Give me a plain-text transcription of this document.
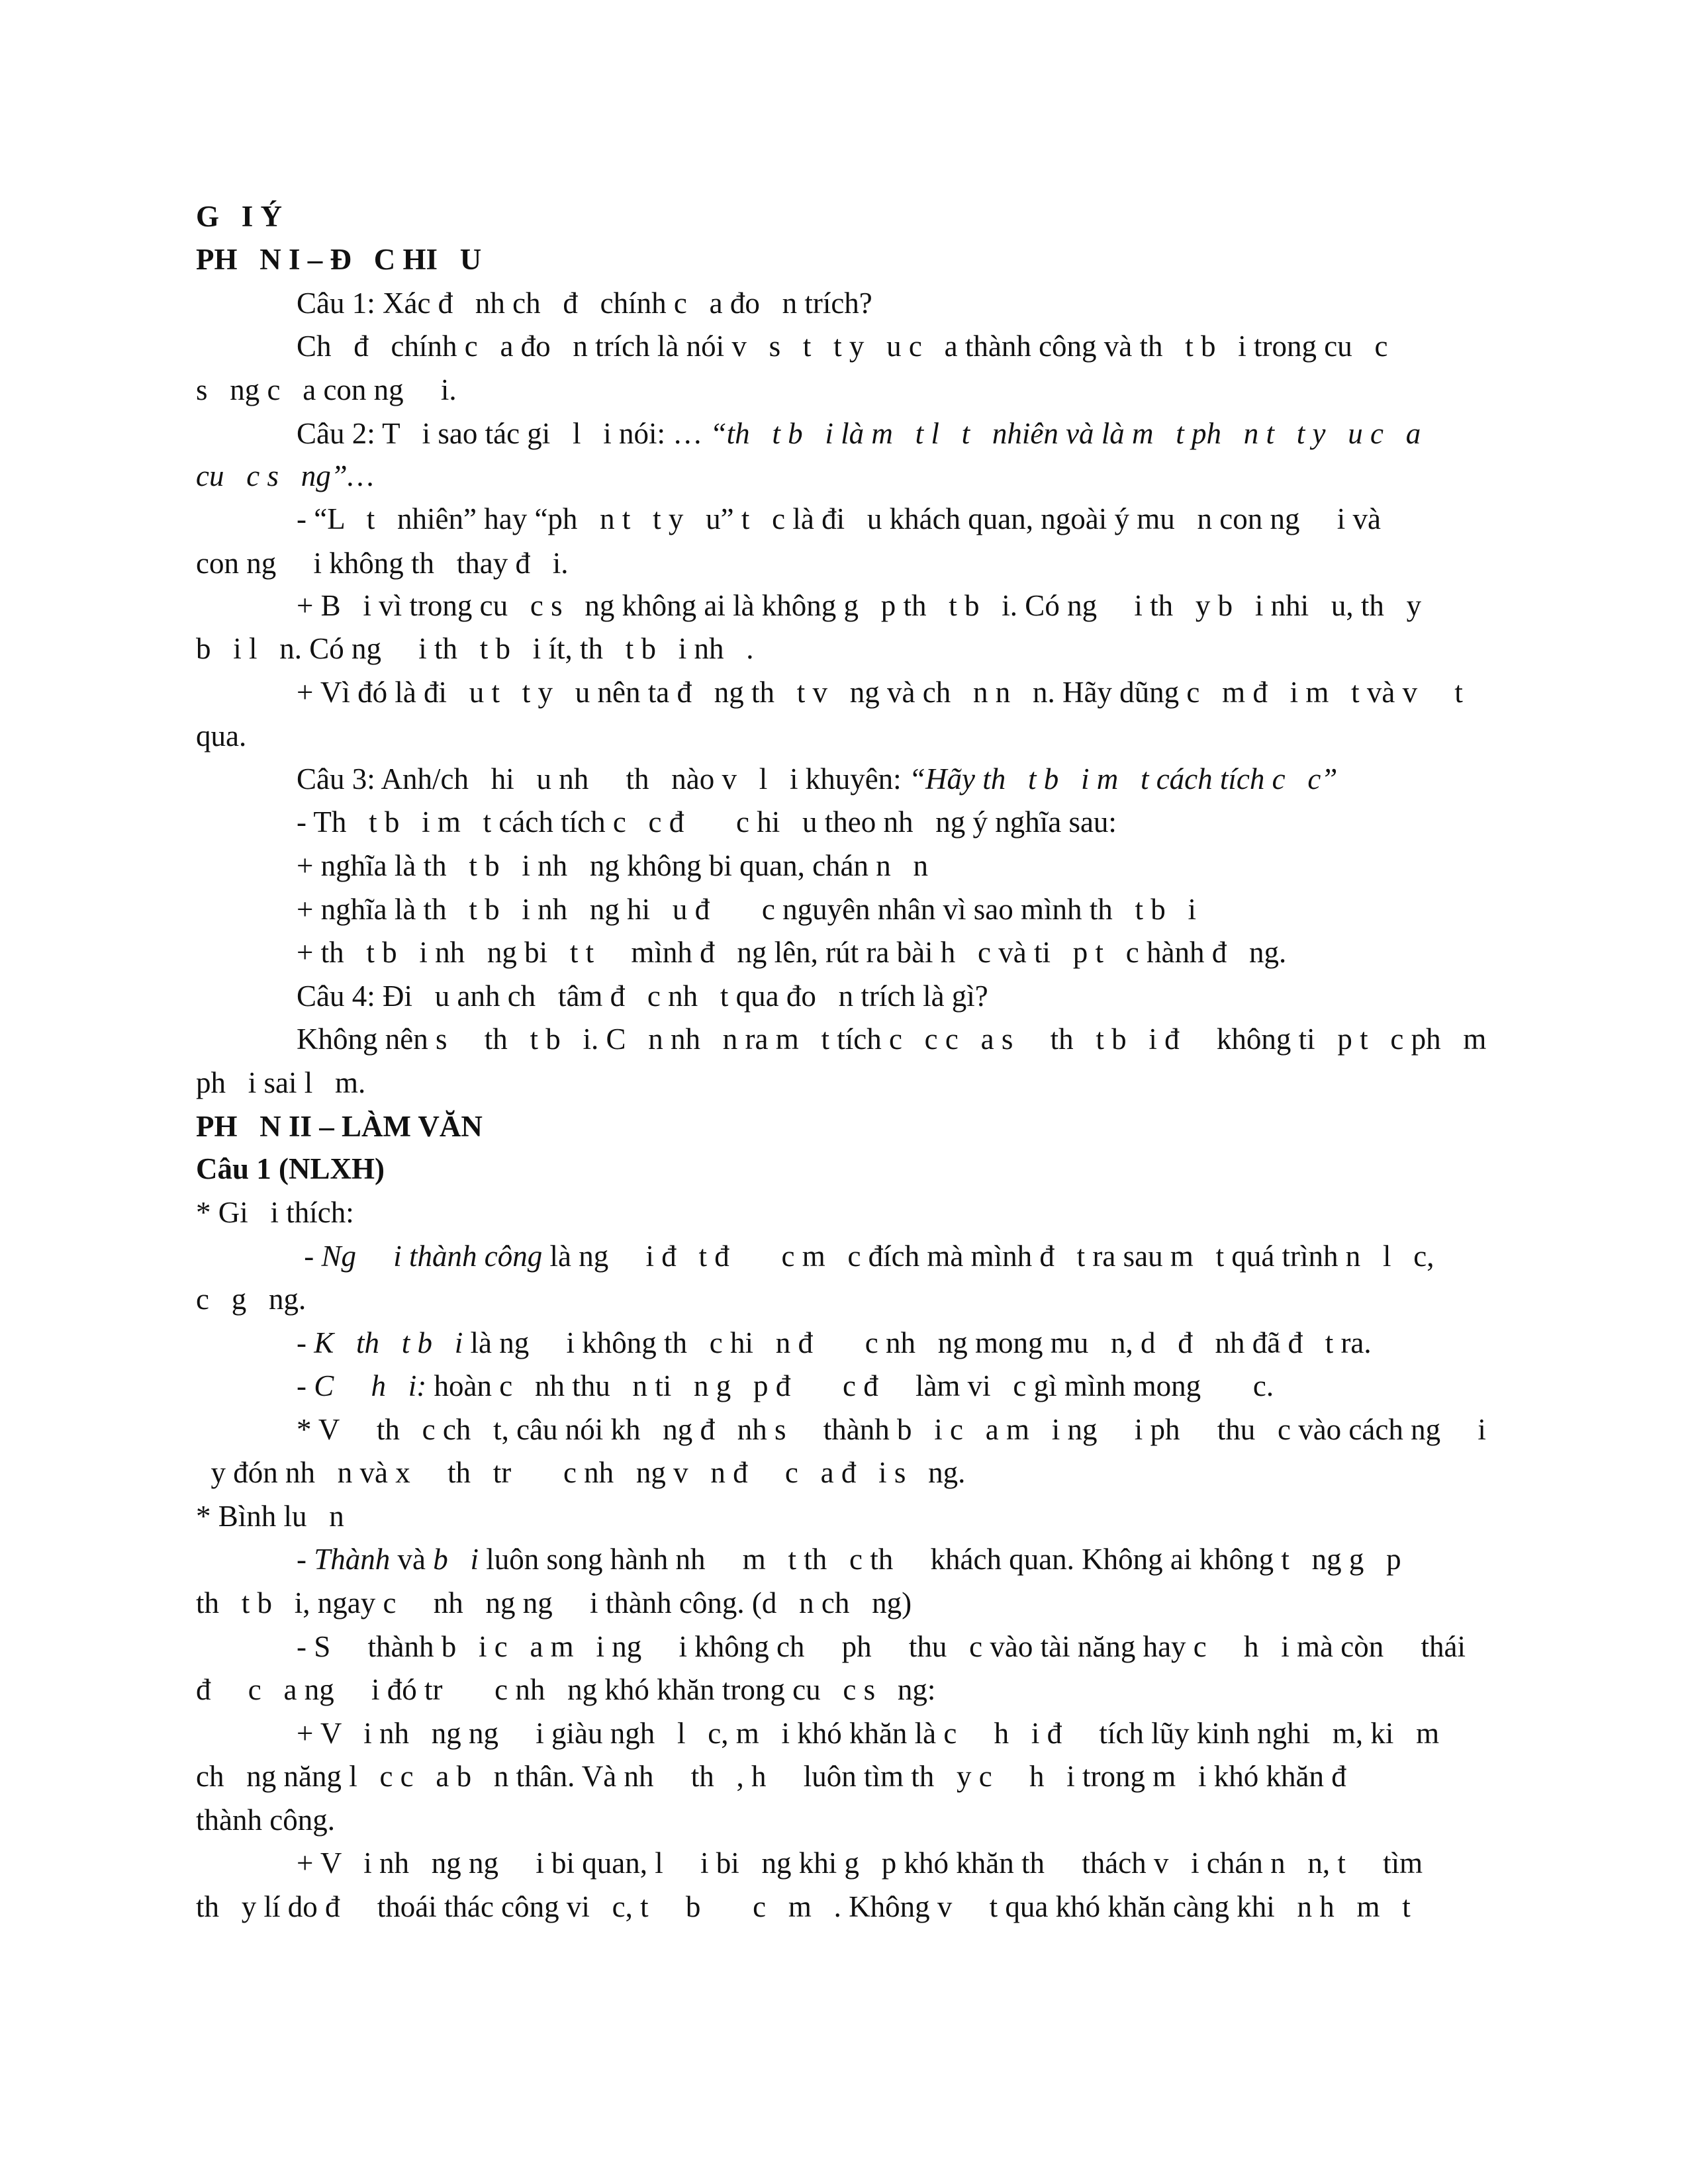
G   I Ý
PH   N I – Đ   C HI   U
Câu 1: Xác đ   nh ch   đ   chính c   a đo   n trích?
Ch   đ   chính c   a đo   n trích là nói v   s   t   t y   u c   a thành công và th   t b   i trong cu   c
s   ng c   a con ng     i.
Câu 2: T   i sao tác gi   l   i nói: … “th   t b   i là m   t l   t   nhiên và là m   t ph   n t   t y   u c   a
cu   c s   ng”…
- “L   t   nhiên” hay “ph   n t   t y   u” t   c là đi   u khách quan, ngoài ý mu   n con ng     i và
con ng     i không th   thay đ   i.
+ B   i vì trong cu   c s   ng không ai là không g   p th   t b   i. Có ng     i th   y b   i nhi   u, th   y
b   i l   n. Có ng     i th   t b   i ít, th   t b   i nh   .
+ Vì đó là đi   u t   t y   u nên ta đ   ng th   t v   ng và ch   n n   n. Hãy dũng c   m đ   i m   t và v     t
qua.
Câu 3: Anh/ch   hi   u nh     th   nào v   l   i khuyên: “Hãy th   t b   i m   t cách tích c   c”
- Th   t b   i m   t cách tích c   c đ       c hi   u theo nh   ng ý nghĩa sau:
+ nghĩa là th   t b   i nh   ng không bi quan, chán n   n
+ nghĩa là th   t b   i nh   ng hi   u đ       c nguyên nhân vì sao mình th   t b   i
+ th   t b   i nh   ng bi   t t     mình đ   ng lên, rút ra bài h   c và ti   p t   c hành đ   ng.
Câu 4: Đi   u anh ch   tâm đ   c nh   t qua đo   n trích là gì?
Không nên s     th   t b   i. C   n nh   n ra m   t tích c   c c   a s     th   t b   i đ     không ti   p t   c ph   m
ph   i sai l   m.
PH   N II – LÀM VĂN
Câu 1 (NLXH)
* Gi   i thích:
- Ng     i thành công là ng     i đ   t đ       c m   c đích mà mình đ   t ra sau m   t quá trình n   l   c,
c   g   ng.
- K   th   t b   i là ng     i không th   c hi   n đ       c nh   ng mong mu   n, d   đ   nh đã đ   t ra.
- C     h   i: hoàn c   nh thu   n ti   n g   p đ       c đ     làm vi   c gì mình mong       c.
* V     th   c ch   t, câu nói kh   ng đ   nh s     thành b   i c   a m   i ng     i ph     thu   c vào cách ng     i
y đón nh   n và x     th   tr       c nh   ng v   n đ     c   a đ   i s   ng.
* Bình lu   n
- Thành và b   i luôn song hành nh     m   t th   c th     khách quan. Không ai không t   ng g   p
th   t b   i, ngay c     nh   ng ng     i thành công. (d   n ch   ng)
- S     thành b   i c   a m   i ng     i không ch     ph     thu   c vào tài năng hay c     h   i mà còn     thái
đ     c   a ng     i đó tr       c nh   ng khó khăn trong cu   c s   ng:
+ V   i nh   ng ng     i giàu ngh   l   c, m   i khó khăn là c     h   i đ     tích lũy kinh nghi   m, ki   m
ch   ng năng l   c c   a b   n thân. Và nh     th   , h     luôn tìm th   y c     h   i trong m   i khó khăn đ
thành công.
+ V   i nh   ng ng     i bi quan, l     i bi   ng khi g   p khó khăn th     thách v   i chán n   n, t     tìm
th   y lí do đ     thoái thác công vi   c, t     b       c   m   . Không v     t qua khó khăn càng khi   n h   m   t
